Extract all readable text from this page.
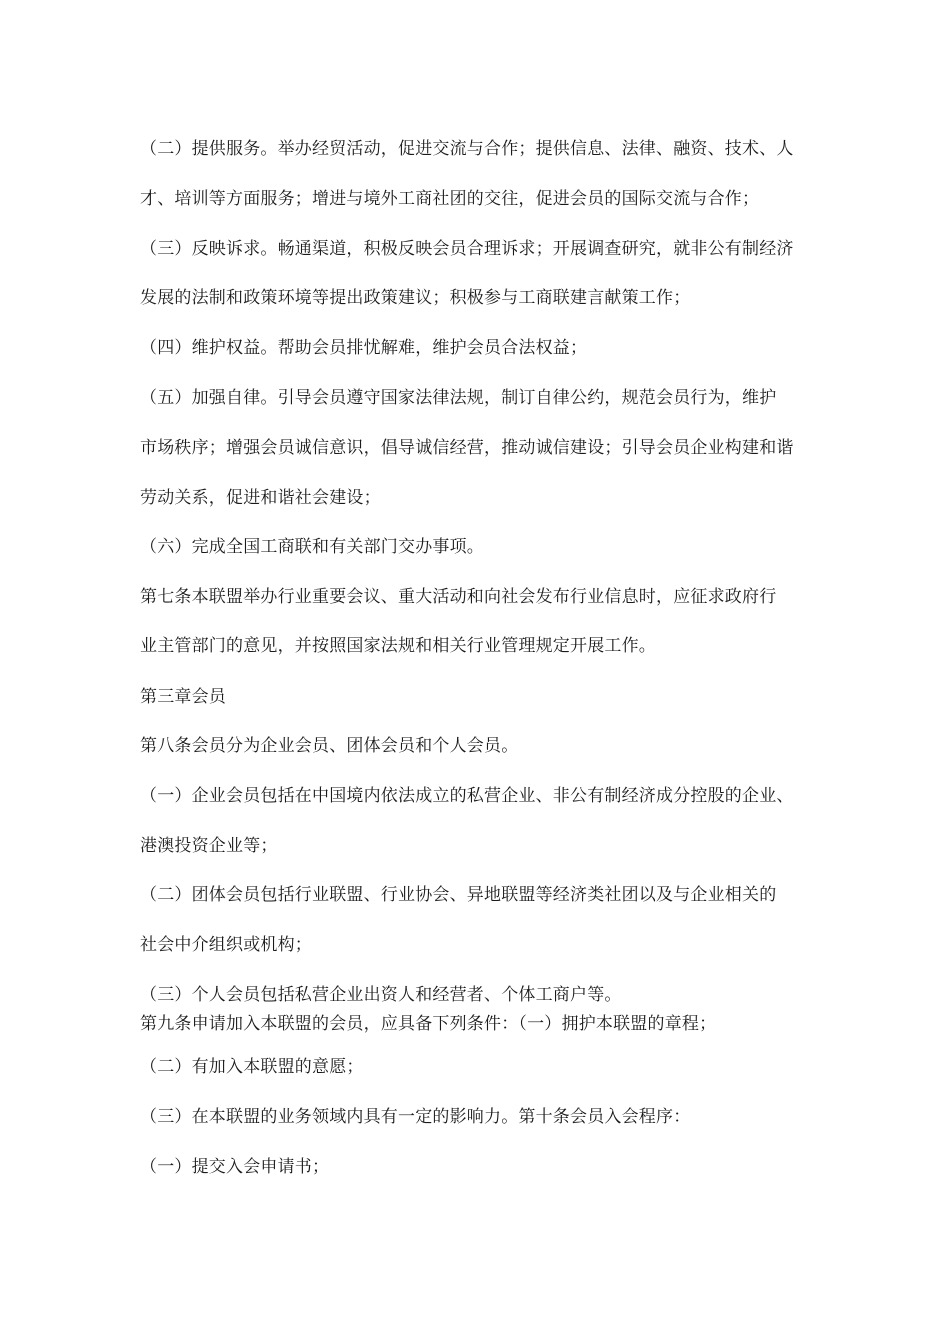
（二）提供服务。举办经贸活动，促进交流与合作；提供信息、法律、融资、技术、人
才、培训等方面服务；增进与境外工商社团的交往，促进会员的国际交流与合作；
（三）反映诉求。畅通渠道，积极反映会员合理诉求；开展调查研究，就非公有制经济
发展的法制和政策环境等提出政策建议；积极参与工商联建言献策工作；
（四）维护权益。帮助会员排忧解难，维护会员合法权益；
（五）加强自律。引导会员遵守国家法律法规，制订自律公约，规范会员行为，维护
市场秩序；增强会员诚信意识，倡导诚信经营，推动诚信建设；引导会员企业构建和谐
劳动关系，促进和谐社会建设；
（六）完成全国工商联和有关部门交办事项。
第七条本联盟举办行业重要会议、重大活动和向社会发布行业信息时，应征求政府行
业主管部门的意见，并按照国家法规和相关行业管理规定开展工作。
第三章会员
第八条会员分为企业会员、团体会员和个人会员。
（一）企业会员包括在中国境内依法成立的私营企业、非公有制经济成分控股的企业、
港澳投资企业等；
（二）团体会员包括行业联盟、行业协会、异地联盟等经济类社团以及与企业相关的
社会中介组织或机构；
（三）个人会员包括私营企业出资人和经营者、个体工商户等。
第九条申请加入本联盟的会员，应具备下列条件：（一）拥护本联盟的章程；
（二）有加入本联盟的意愿；
（三）在本联盟的业务领域内具有一定的影响力。第十条会员入会程序：
（一）提交入会申请书；
